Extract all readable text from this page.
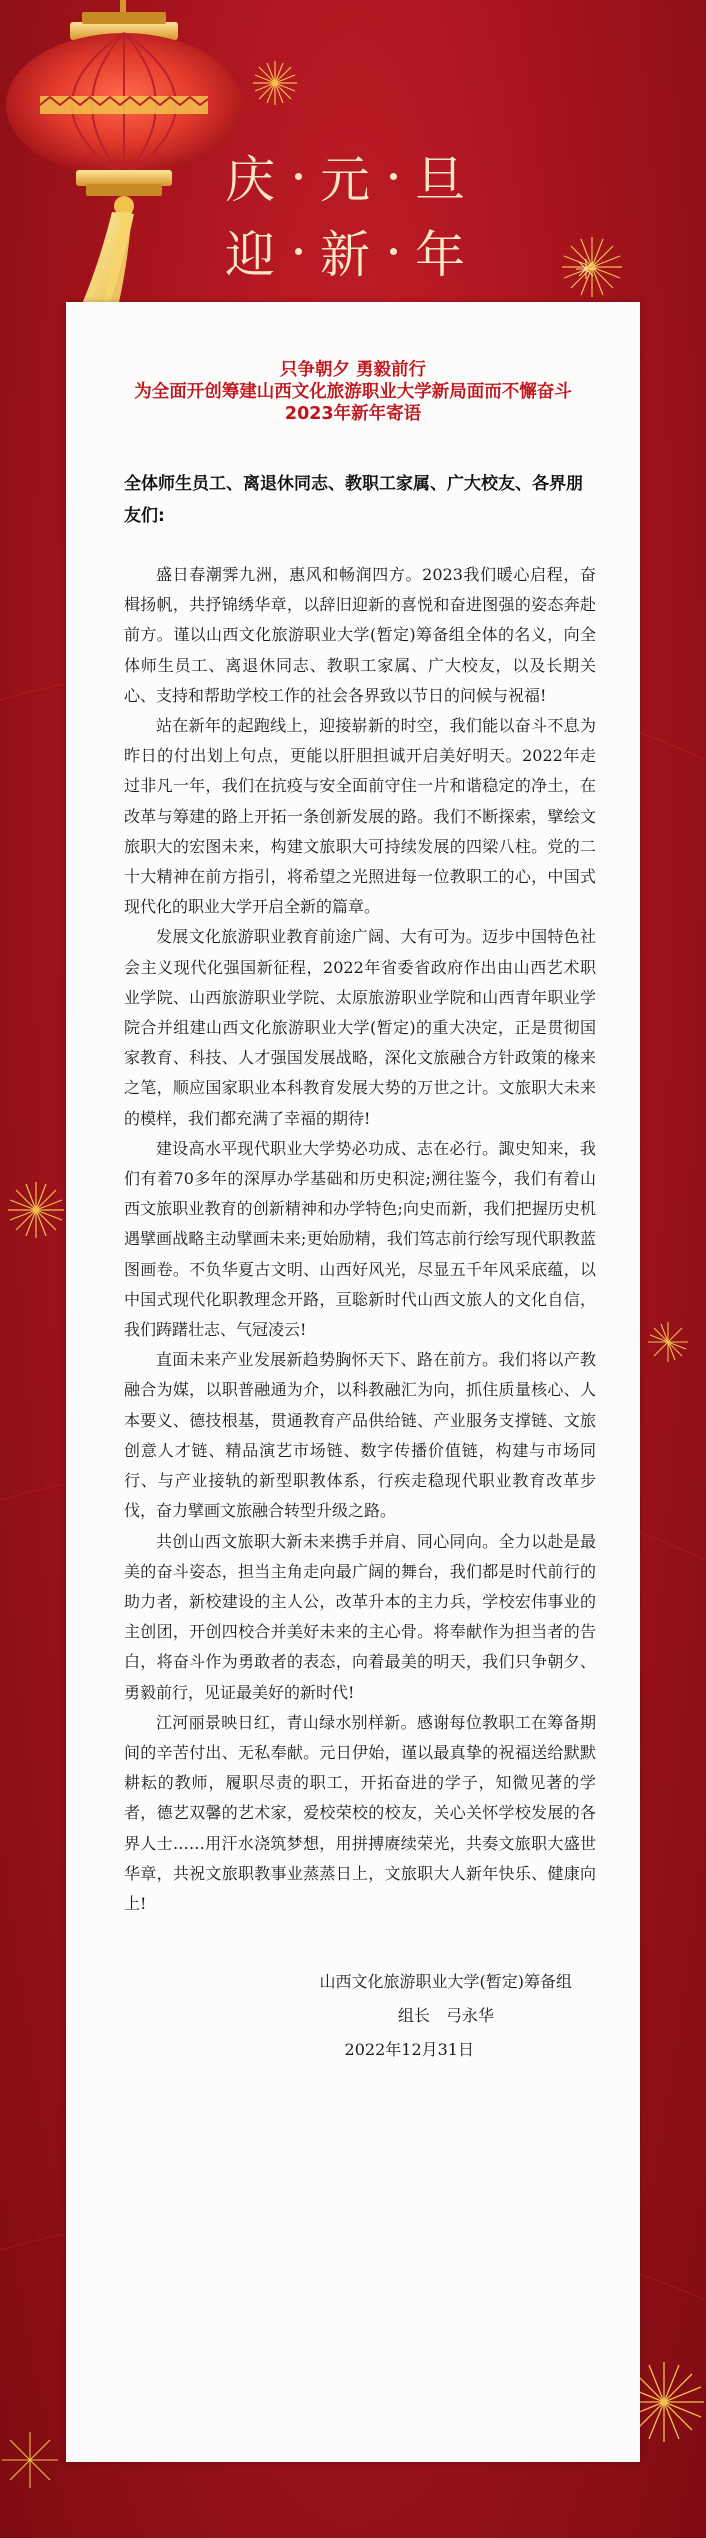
庆 元 旦
迎 新 年
只争朝夕 勇毅前行
为全面开创筹建山西文化旅游职业大学新局面而不懈奋斗
2023年新年寄语
全体师生员工、离退休同志、教职工家属、广大校友、各界朋友们:

盛日春潮霁九洲，惠风和畅润四方。2023我们暖心启程，奋楫扬帆，共抒锦绣华章，以辞旧迎新的喜悦和奋进图强的姿态奔赴前方。谨以山西文化旅游职业大学(暂定)筹备组全体的名义，向全体师生员工、离退休同志、教职工家属、广大校友，以及长期关心、支持和帮助学校工作的社会各界致以节日的问候与祝福!

站在新年的起跑线上，迎接崭新的时空，我们能以奋斗不息为昨日的付出划上句点，更能以肝胆担诚开启美好明天。2022年走过非凡一年，我们在抗疫与安全面前守住一片和谐稳定的净土，在改革与筹建的路上开拓一条创新发展的路。我们不断探索，擘绘文旅职大的宏图未来，构建文旅职大可持续发展的四梁八柱。党的二十大精神在前方指引，将希望之光照进每一位教职工的心，中国式现代化的职业大学开启全新的篇章。

发展文化旅游职业教育前途广阔、大有可为。迈步中国特色社会主义现代化强国新征程，2022年省委省政府作出由山西艺术职业学院、山西旅游职业学院、太原旅游职业学院和山西青年职业学院合并组建山西文化旅游职业大学(暂定)的重大决定，正是贯彻国家教育、科技、人才强国发展战略，深化文旅融合方针政策的椽来之笔，顺应国家职业本科教育发展大势的万世之计。文旅职大未来的模样，我们都充满了幸福的期待!

建设高水平现代职业大学势必功成、志在必行。諏史知来，我们有着70多年的深厚办学基础和历史积淀;溯往鉴今，我们有着山西文旅职业教育的创新精神和办学特色;向史而新，我们把握历史机遇擘画战略主动擘画未来;更始励精，我们笃志前行绘写现代职教蓝图画卷。不负华夏古文明、山西好风光，尽显五千年风采底蕴，以中国式现代化职教理念开路，亘聡新时代山西文旅人的文化自信，我们踌躇壮志、气冠凌云!

直面未来产业发展新趋势胸怀天下、路在前方。我们将以产教融合为媒，以职普融通为介，以科教融汇为向，抓住质量核心、人本要义、德技根基，贯通教育产品供给链、产业服务支撑链、文旅创意人才链、精品演艺市场链、数字传播价值链，构建与市场同行、与产业接轨的新型职教体系，行疾走稳现代职业教育改革步伐，奋力擘画文旅融合转型升级之路。

共创山西文旅职大新未来携手并肩、同心同向。全力以赴是最美的奋斗姿态，担当主角走向最广阔的舞台，我们都是时代前行的助力者，新校建设的主人公，改革升本的主力兵，学校宏伟事业的主创团，开创四校合并美好未来的主心骨。将奉献作为担当者的告白，将奋斗作为勇敢者的表态，向着最美的明天，我们只争朝夕、勇毅前行，见证最美好的新时代!

江河丽景映日红，青山绿水别样新。感谢每位教职工在筹备期间的辛苦付出、无私奉献。元日伊始，谨以最真挚的祝福送给默默耕耘的教师，履职尽责的职工，开拓奋进的学子，知微见著的学者，德艺双馨的艺术家，爱校荣校的校友，关心关怀学校发展的各界人士……用汗水浇筑梦想，用拼搏赓续荣光，共奏文旅职大盛世华章，共祝文旅职教事业蒸蒸日上，文旅职大人新年快乐、健康向上!

山西文化旅游职业大学(暂定)筹备组
组长　弓永华
2022年12月31日
